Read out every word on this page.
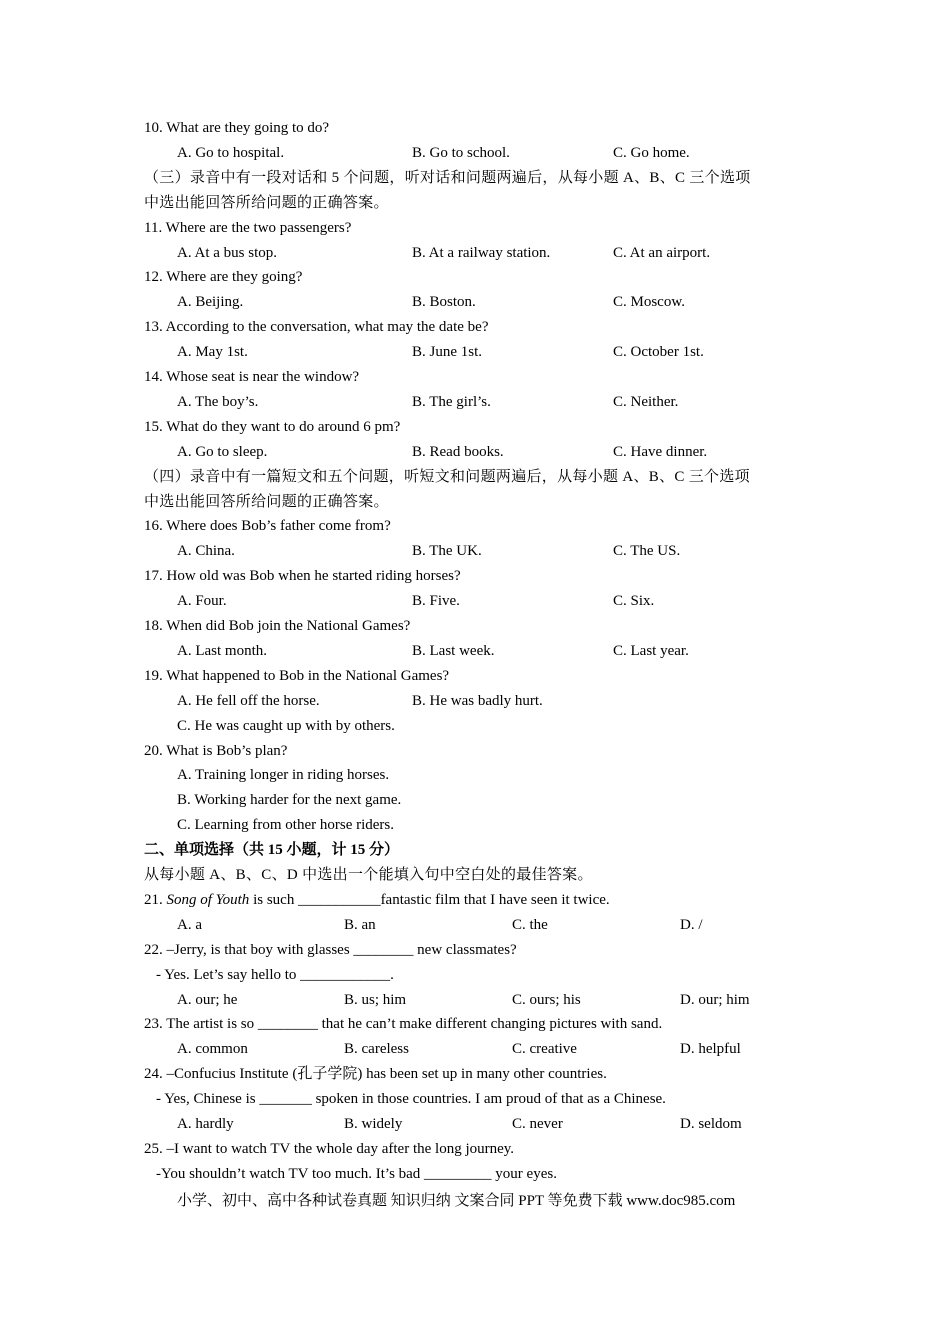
10. What are they going to do?
A. Go to hospital.	B. Go to school.	C. Go home.
（三）录音中有一段对话和 5 个问题，听对话和问题两遍后，从每小题 A、B、C 三个选项
中选出能回答所给问题的正确答案。
11. Where are the two passengers?
A. At a bus stop.	B. At a railway station.	C. At an airport.
12. Where are they going?
A. Beijing.	B. Boston.	C. Moscow.
13. According to the conversation, what may the date be?
A. May 1st.	B. June 1st.	C. October 1st.
14. Whose seat is near the window?
A. The boy’s.	B. The girl’s.	C. Neither.
15. What do they want to do around 6 pm?
A. Go to sleep.	B. Read books.	C. Have dinner.
（四）录音中有一篇短文和五个问题，听短文和问题两遍后，从每小题 A、B、C 三个选项
中选出能回答所给问题的正确答案。
16. Where does Bob’s father come from?
A. China.	B. The UK.	C. The US.
17. How old was Bob when he started riding horses?
A. Four.	B. Five.	C. Six.
18. When did Bob join the National Games?
A. Last month.	B. Last week.	C. Last year.
19. What happened to Bob in the National Games?
A. He fell off the horse.	B. He was badly hurt.
C. He was caught up with by others.
20. What is Bob’s plan?
A. Training longer in riding horses.
B. Working harder for the next game.
C. Learning from other horse riders.
二、单项选择（共 15 小题，计 15 分）
从每小题 A、B、C、D 中选出一个能填入句中空白处的最佳答案。
21. Song of Youth is such ___________fantastic film that I have seen it twice.
A. a	B. an	C. the	D. /
22. –Jerry, is that boy with glasses ________ new classmates?
- Yes. Let’s say hello to ____________.
A. our; he	B. us; him	C. ours; his	D. our; him
23. The artist is so ________ that he can’t make different changing pictures with sand.
A. common	B. careless	C. creative	D. helpful
24. –Confucius Institute (孔子学院) has been set up in many other countries.
- Yes, Chinese is _______ spoken in those countries. I am proud of that as a Chinese.
A. hardly	B. widely	C. never	D. seldom
25. –I want to watch TV the whole day after the long journey.
-You shouldn’t watch TV too much. It’s bad _________ your eyes.
小学、初中、高中各种试卷真题 知识归纳 文案合同 PPT 等免费下载 www.doc985.com
